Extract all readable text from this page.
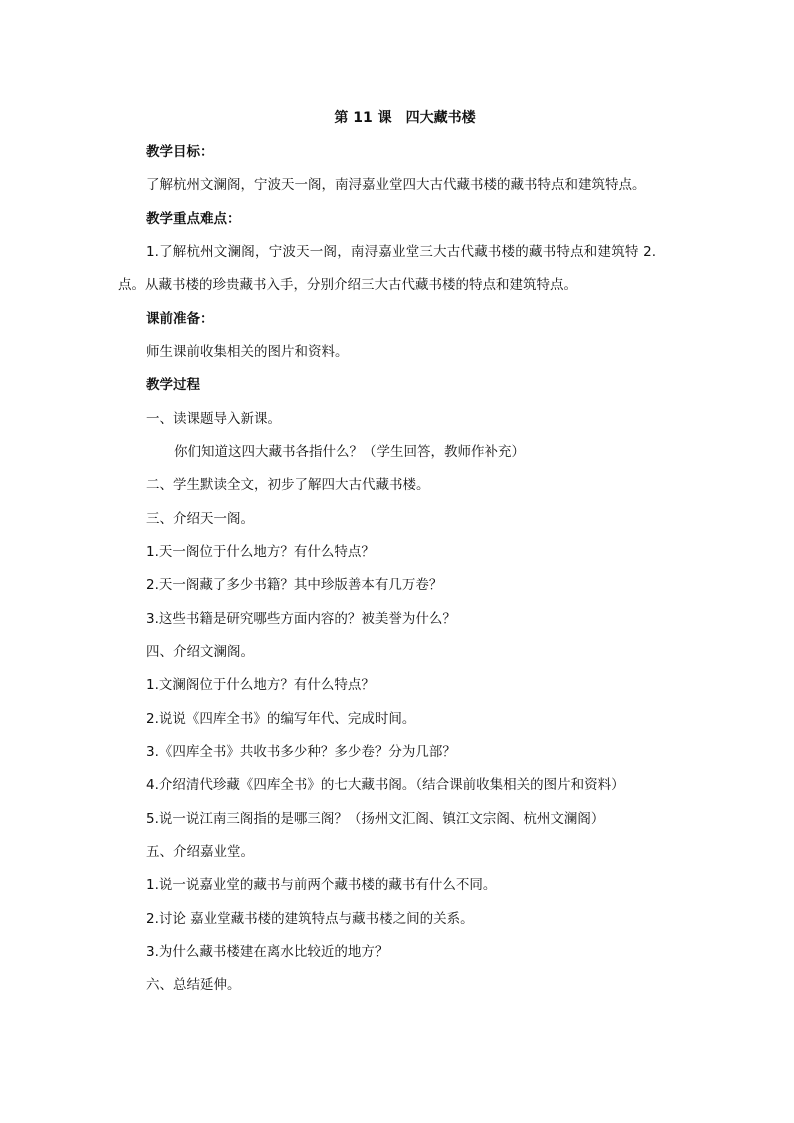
第 11 课　四大藏书楼

教学目标：

了解杭州文澜阁，宁波天一阁，南浔嘉业堂四大古代藏书楼的藏书特点和建筑特点。

教学重点难点：

1.了解杭州文澜阁，宁波天一阁，南浔嘉业堂三大古代藏书楼的藏书特点和建筑特 2.

点。从藏书楼的珍贵藏书入手，分别介绍三大古代藏书楼的特点和建筑特点。

课前准备：

师生课前收集相关的图片和资料。

教学过程

一、读课题导入新课。

你们知道这四大藏书各指什么？（学生回答，教师作补充）

二、学生默读全文，初步了解四大古代藏书楼。

三、介绍天一阁。

1.天一阁位于什么地方？有什么特点？

2.天一阁藏了多少书籍？其中珍版善本有几万卷？

3.这些书籍是研究哪些方面内容的？被美誉为什么？

四、介绍文澜阁。

1.文澜阁位于什么地方？有什么特点？

2.说说《四库全书》的编写年代、完成时间。

3.《四库全书》共收书多少种？多少卷？分为几部？

4.介绍清代珍藏《四库全书》的七大藏书阁。（结合课前收集相关的图片和资料）

5.说一说江南三阁指的是哪三阁？（扬州文汇阁、镇江文宗阁、杭州文澜阁）

五、介绍嘉业堂。

1.说一说嘉业堂的藏书与前两个藏书楼的藏书有什么不同。

2.讨论 嘉业堂藏书楼的建筑特点与藏书楼之间的关系。

3.为什么藏书楼建在离水比较近的地方？

六、总结延伸。
